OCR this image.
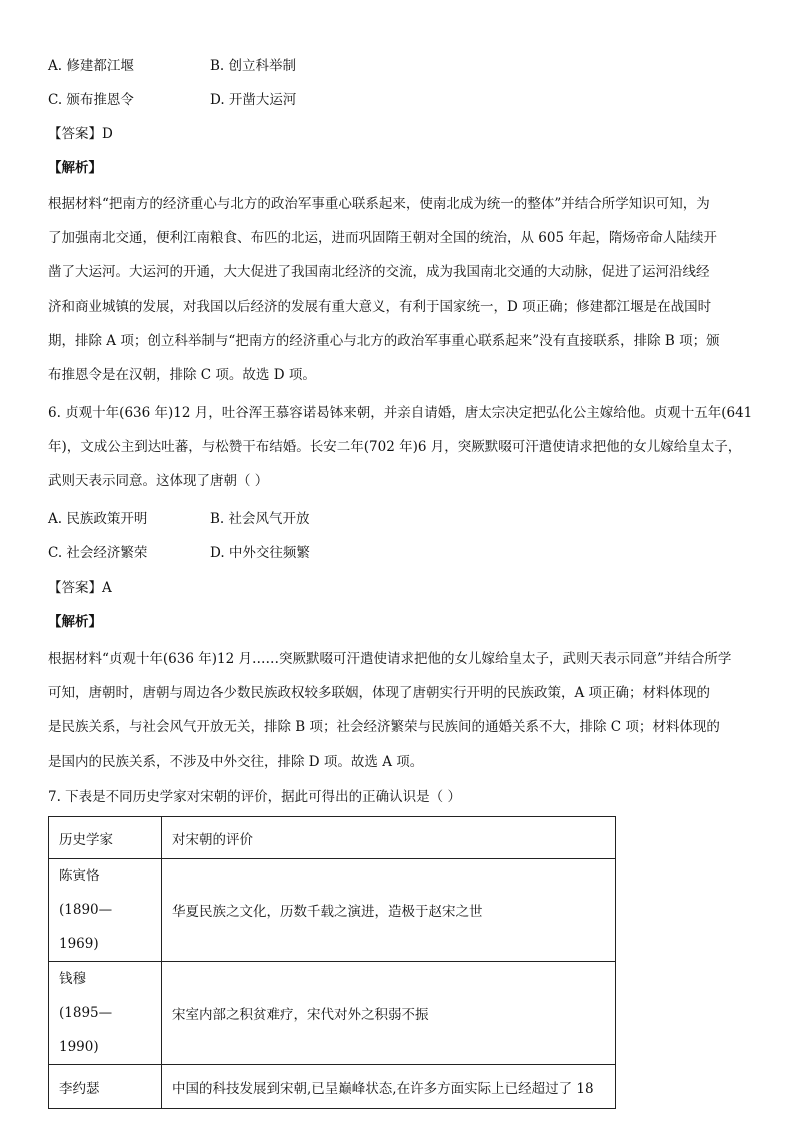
A. 修建都江堰	B. 创立科举制
C. 颁布推恩令	D. 开凿大运河
【答案】D
【解析】
根据材料“把南方的经济重心与北方的政治军事重心联系起来，使南北成为统一的整体”并结合所学知识可知，为
了加强南北交通，便利江南粮食、布匹的北运，进而巩固隋王朝对全国的统治，从 605 年起，隋炀帝命人陆续开
凿了大运河。大运河的开通，大大促进了我国南北经济的交流，成为我国南北交通的大动脉，促进了运河沿线经
济和商业城镇的发展，对我国以后经济的发展有重大意义，有利于国家统一，D 项正确；修建都江堰是在战国时
期，排除 A 项；创立科举制与“把南方的经济重心与北方的政治军事重心联系起来”没有直接联系，排除 B 项；颁
布推恩令是在汉朝，排除 C 项。故选 D 项。
6. 贞观十年(636 年)12 月，吐谷浑王慕容诺曷钵来朝，并亲自请婚，唐太宗决定把弘化公主嫁给他。贞观十五年(641
年)，文成公主到达吐蕃，与松赞干布结婚。长安二年(702 年)6 月，突厥默啜可汗遣使请求把他的女儿嫁给皇太子，
武则天表示同意。这体现了唐朝（ ）
A. 民族政策开明	B. 社会风气开放
C. 社会经济繁荣	D. 中外交往频繁
【答案】A
【解析】
根据材料“贞观十年(636 年)12 月……突厥默啜可汗遣使请求把他的女儿嫁给皇太子，武则天表示同意”并结合所学
可知，唐朝时，唐朝与周边各少数民族政权较多联姻，体现了唐朝实行开明的民族政策，A 项正确；材料体现的
是民族关系，与社会风气开放无关，排除 B 项；社会经济繁荣与民族间的通婚关系不大，排除 C 项；材料体现的
是国内的民族关系，不涉及中外交往，排除 D 项。故选 A 项。
7. 下表是不同历史学家对宋朝的评价，据此可得出的正确认识是（ ）
历史学家	对宋朝的评价
陈寅恪
(1890—1969)	华夏民族之文化，历数千载之演进，造极于赵宋之世
钱穆
(1895—1990)	宋室内部之积贫难疗，宋代对外之积弱不振
李约瑟	中国的科技发展到宋朝,已呈巅峰状态,在许多方面实际上已经超过了 18
